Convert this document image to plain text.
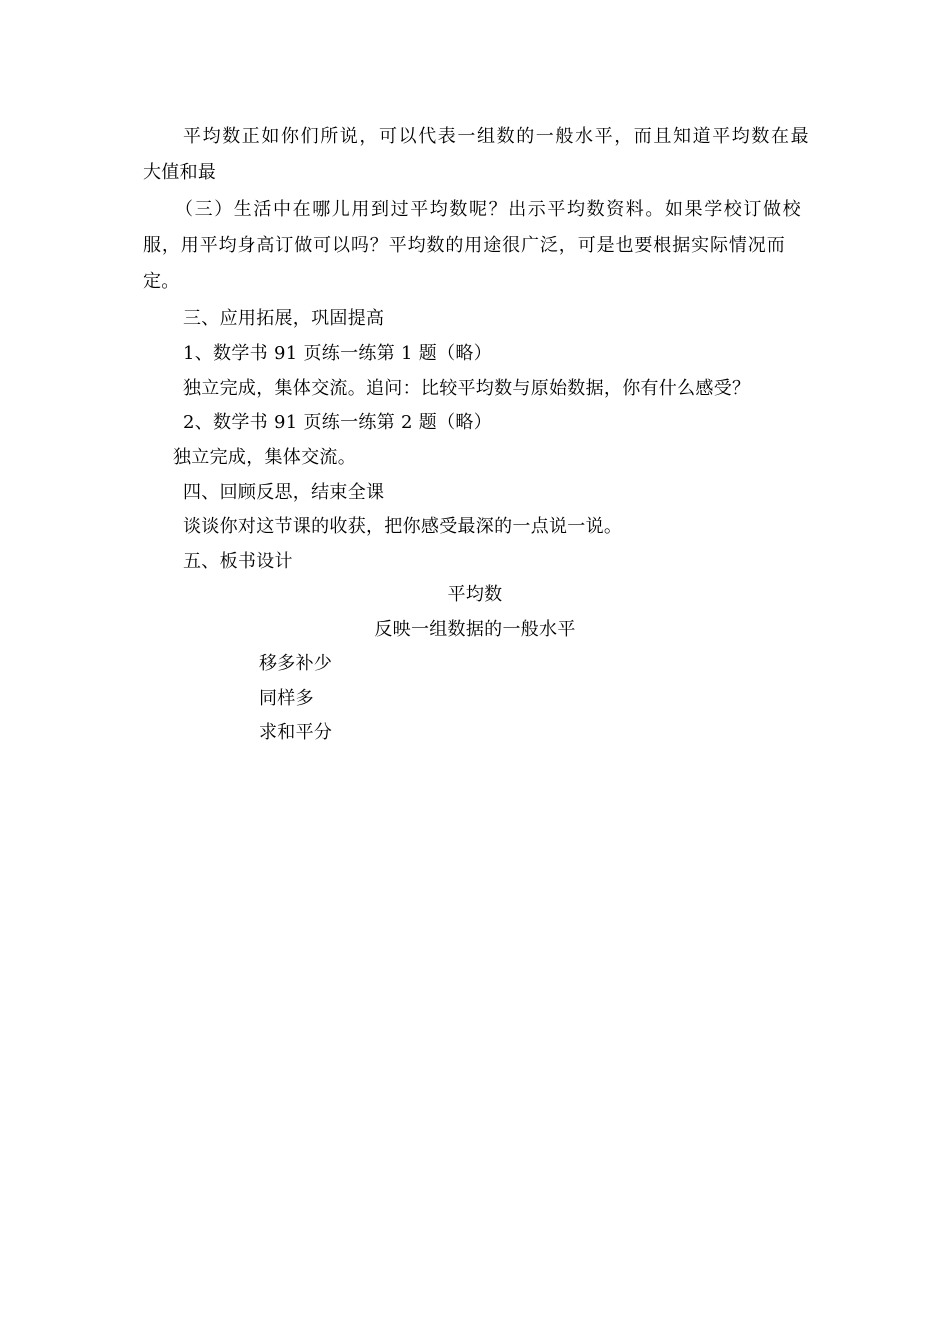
平均数正如你们所说，可以代表一组数的一般水平，而且知道平均数在最
大值和最
（三）生活中在哪儿用到过平均数呢？出示平均数资料。如果学校订做校
服，用平均身高订做可以吗？平均数的用途很广泛，可是也要根据实际情况而
定。
三、应用拓展，巩固提高
1、数学书 91 页练一练第 1 题（略）
独立完成，集体交流。追问：比较平均数与原始数据，你有什么感受？
2、数学书 91 页练一练第 2 题（略）
独立完成，集体交流。
四、回顾反思，结束全课
谈谈你对这节课的收获，把你感受最深的一点说一说。
五、板书设计
平均数
反映一组数据的一般水平
移多补少
同样多
求和平分
